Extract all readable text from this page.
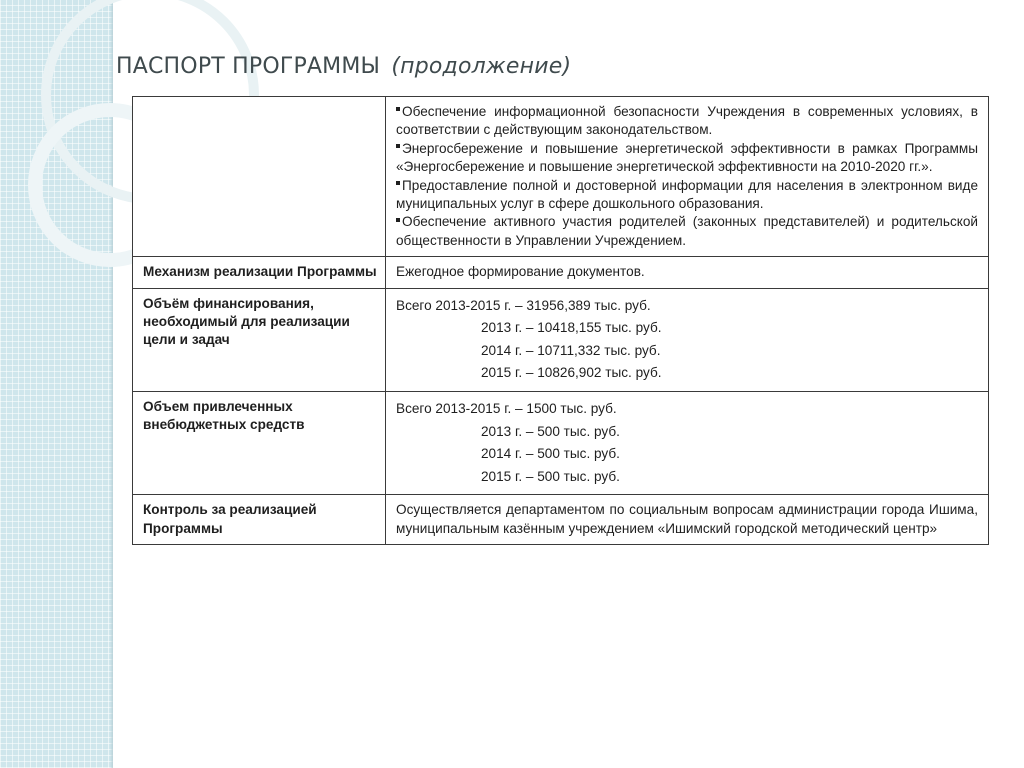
ПАСПОРТ ПРОГРАММЫ (продолжение)

	Обеспечение информационной безопасности Учреждения в современных условиях, в соответствии с действующим законодательством.

Энергосбережение и повышение энергетической эффективности в рамках Программы «Энергосбережение и повышение энергетической эффективности на 2010-2020 гг.».

Предоставление полной и достоверной информации для населения в электронном виде муниципальных услуг в сфере дошкольного образования.

Обеспечение активного участия родителей (законных представителей) и родительской общественности в Управлении Учреждением.

Механизм реализации Программы	Ежегодное формирование документов.

Объём финансирования, необходимый для реализации цели и задач	Всего 2013-2015 г. – 31956,389 тыс. руб.

2013 г. – 10418,155 тыс. руб.

2014 г. – 10711,332 тыс. руб.

2015 г. – 10826,902 тыс. руб.

Объем привлеченных внебюджетных средств	Всего 2013-2015 г. – 1500 тыс. руб.

2013 г. – 500 тыс. руб.

2014 г. – 500 тыс. руб.

2015 г. – 500 тыс. руб.

Контроль за реализацией Программы	Осуществляется департаментом по социальным вопросам администрации города Ишима, муниципальным казённым учреждением «Ишимский городской методический центр»
